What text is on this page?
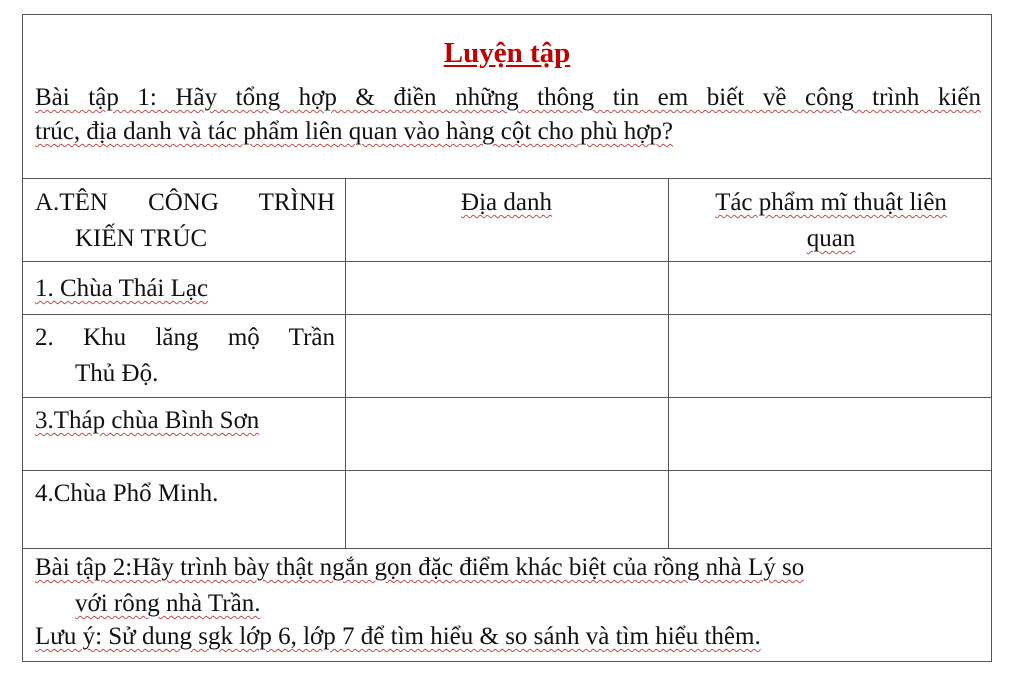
Luyện tập
Bài tập 1: Hãy tổng hợp & điền những thông tin em biết về công trình kiến
trúc, địa danh và tác phẩm liên quan vào hàng cột cho phù hợp?
A.TÊN CÔNG TRÌNH
KIẾN TRÚC
Địa danh	Tác phẩm mĩ thuật liên
quan
1. Chùa Thái Lạc
2. Khu lăng mộ Trần
Thủ Độ.
3.Tháp chùa Bình Sơn
4.Chùa Phổ Minh.
Bài tập 2:Hãy trình bày thật ngắn gọn đặc điểm khác biệt của rồng nhà Lý so
với rông nhà Trần.
Lưu ý: Sử dung sgk lớp 6, lớp 7 để tìm hiểu & so sánh và tìm hiểu thêm.
